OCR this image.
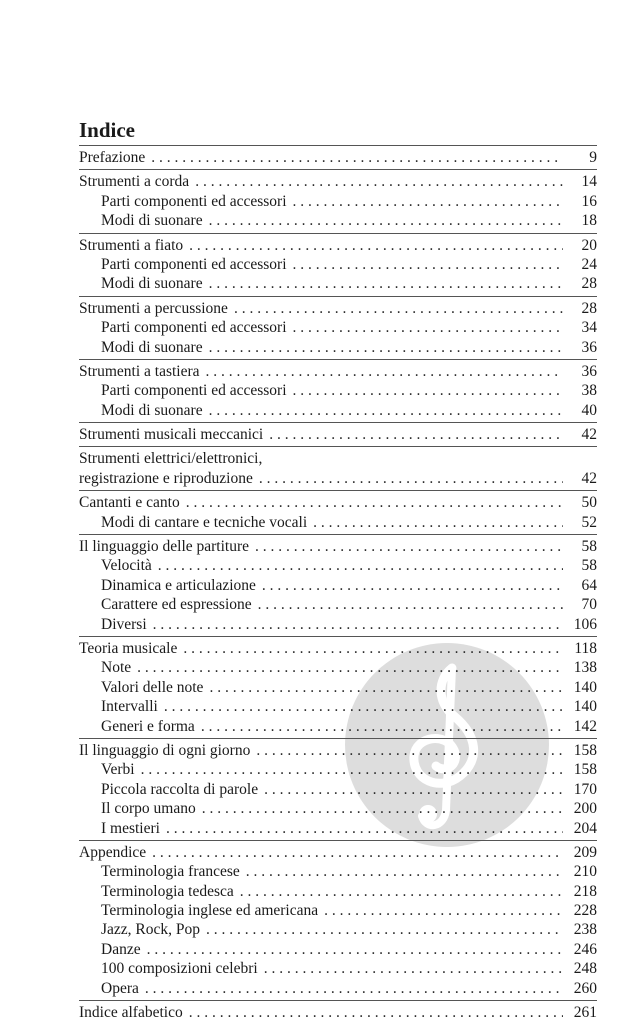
Indice
Prefazione . . .	9
Strumenti a corda . . .	14
Parti componenti ed accessori . . .	16
Modi di suonare . . .	18
Strumenti a fiato . . .	20
Parti componenti ed accessori . . .	24
Modi di suonare . . .	28
Strumenti a percussione . . .	28
Parti componenti ed accessori . . .	34
Modi di suonare . . .	36
Strumenti a tastiera . . .	36
Parti componenti ed accessori . . .	38
Modi di suonare . . .	40
Strumenti musicali meccanici . . .	42
Strumenti elettrici/elettronici,
registrazione e riproduzione . . .	42
Cantanti e canto . . .	50
Modi di cantare e tecniche vocali . . .	52
Il linguaggio delle partiture . . .	58
Velocità . . .	58
Dinamica e articulazione . . .	64
Carattere ed espressione . . .	70
Diversi . . .	106
Teoria musicale . . .	118
Note . . .	138
Valori delle note . . .	140
Intervalli . . .	140
Generi e forma . . .	142
Il linguaggio di ogni giorno . . .	158
Verbi . . .	158
Piccola raccolta di parole . . .	170
Il corpo umano . . .	200
I mestieri . . .	204
Appendice . . .	209
Terminologia francese . . .	210
Terminologia tedesca . . .	218
Terminologia inglese ed americana . . .	228
Jazz, Rock, Pop . . .	238
Danze . . .	246
100 composizioni celebri . . .	248
Opera . . .	260
Indice alfabetico . . .	261
